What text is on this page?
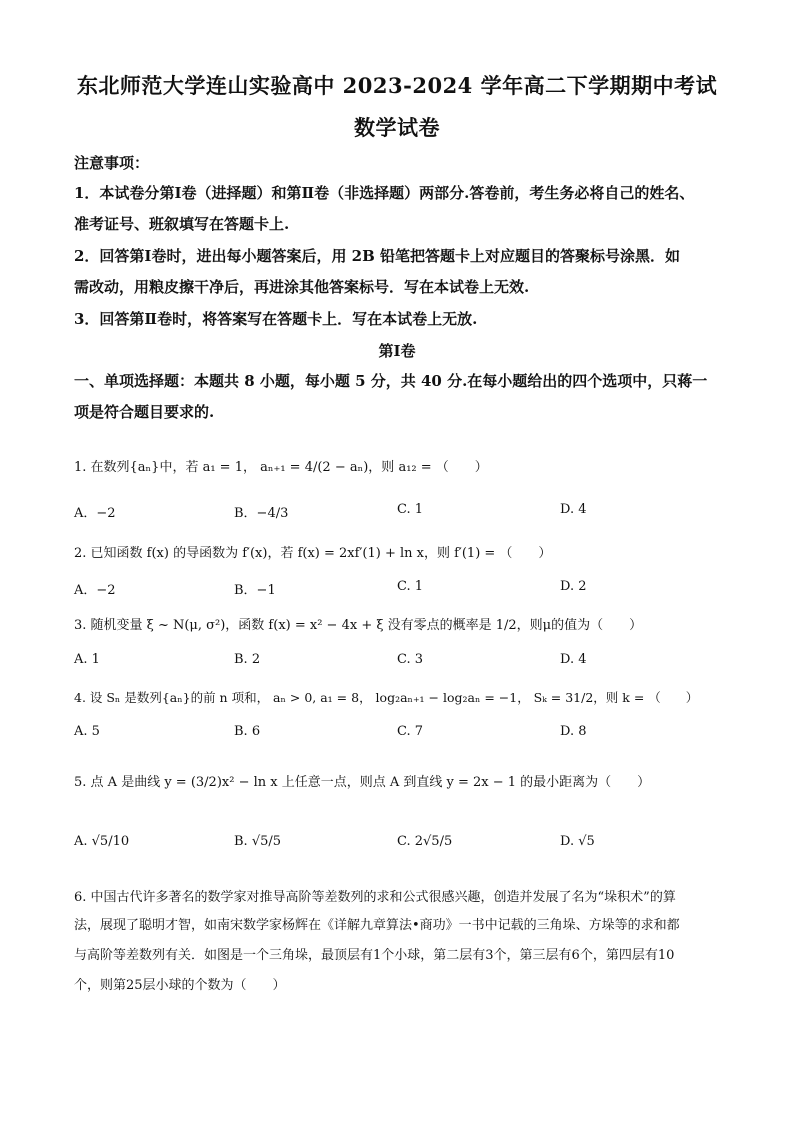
东北师范大学连山实验高中 2023-2024 学年高二下学期期中考试
数学试卷
注意事项：
1．本试卷分第Ⅰ卷（进择题）和第Ⅱ卷（非选择题）两部分.答卷前，考生务必将自己的姓名、
准考证号、班叙填写在答题卡上.
2．回答第Ⅰ卷时，进出每小题答案后，用 2B 铅笔把答题卡上对应题目的答聚标号涂黑．如
需改动，用粮皮擦干净后，再进涂其他答案标号．写在本试卷上无效.
3．回答第Ⅱ卷时，将答案写在答题卡上．写在本试卷上无放.
第Ⅰ卷
一、单项选择题：本题共 8 小题，每小题 5 分，共 40 分.在每小题给出的四个选项中，只蒋一
项是符合题目要求的.
1. 在数列{aₙ}中，若 a₁ = 1， aₙ₊₁ = 4/(2 − aₙ)，则 a₁₂ = （　　）
A．−2	B．−4/3	C. 1	D. 4
2. 已知函数 f(x) 的导函数为 f′(x)，若 f(x) = 2xf′(1) + ln x，则 f′(1) = （　　）
A．−2	B．−1	C. 1	D. 2
3. 随机变量 ξ ~ N(μ, σ²)，函数 f(x) = x² − 4x + ξ 没有零点的概率是 1/2，则μ的值为（　　）
A. 1	B. 2	C. 3	D. 4
4. 设 Sₙ 是数列{aₙ}的前 n 项和， aₙ > 0, a₁ = 8， log₂aₙ₊₁ − log₂aₙ = −1， Sₖ = 31/2，则 k = （　　）
A. 5	B. 6	C. 7	D. 8
5. 点 A 是曲线 y = (3/2)x² − ln x 上任意一点，则点 A 到直线 y = 2x − 1 的最小距离为（　　）
A. √5/10	B. √5/5	C. 2√5/5	D. √5
6. 中国古代许多著名的数学家对推导高阶等差数列的求和公式很感兴趣，创造并发展了名为“垛积术”的算
法，展现了聪明才智，如南宋数学家杨辉在《详解九章算法•商功》一书中记载的三角垛、方垛等的求和都
与高阶等差数列有关．如图是一个三角垛，最顶层有1个小球，第二层有3个，第三层有6个，第四层有10
个，则第25层小球的个数为（　　）
